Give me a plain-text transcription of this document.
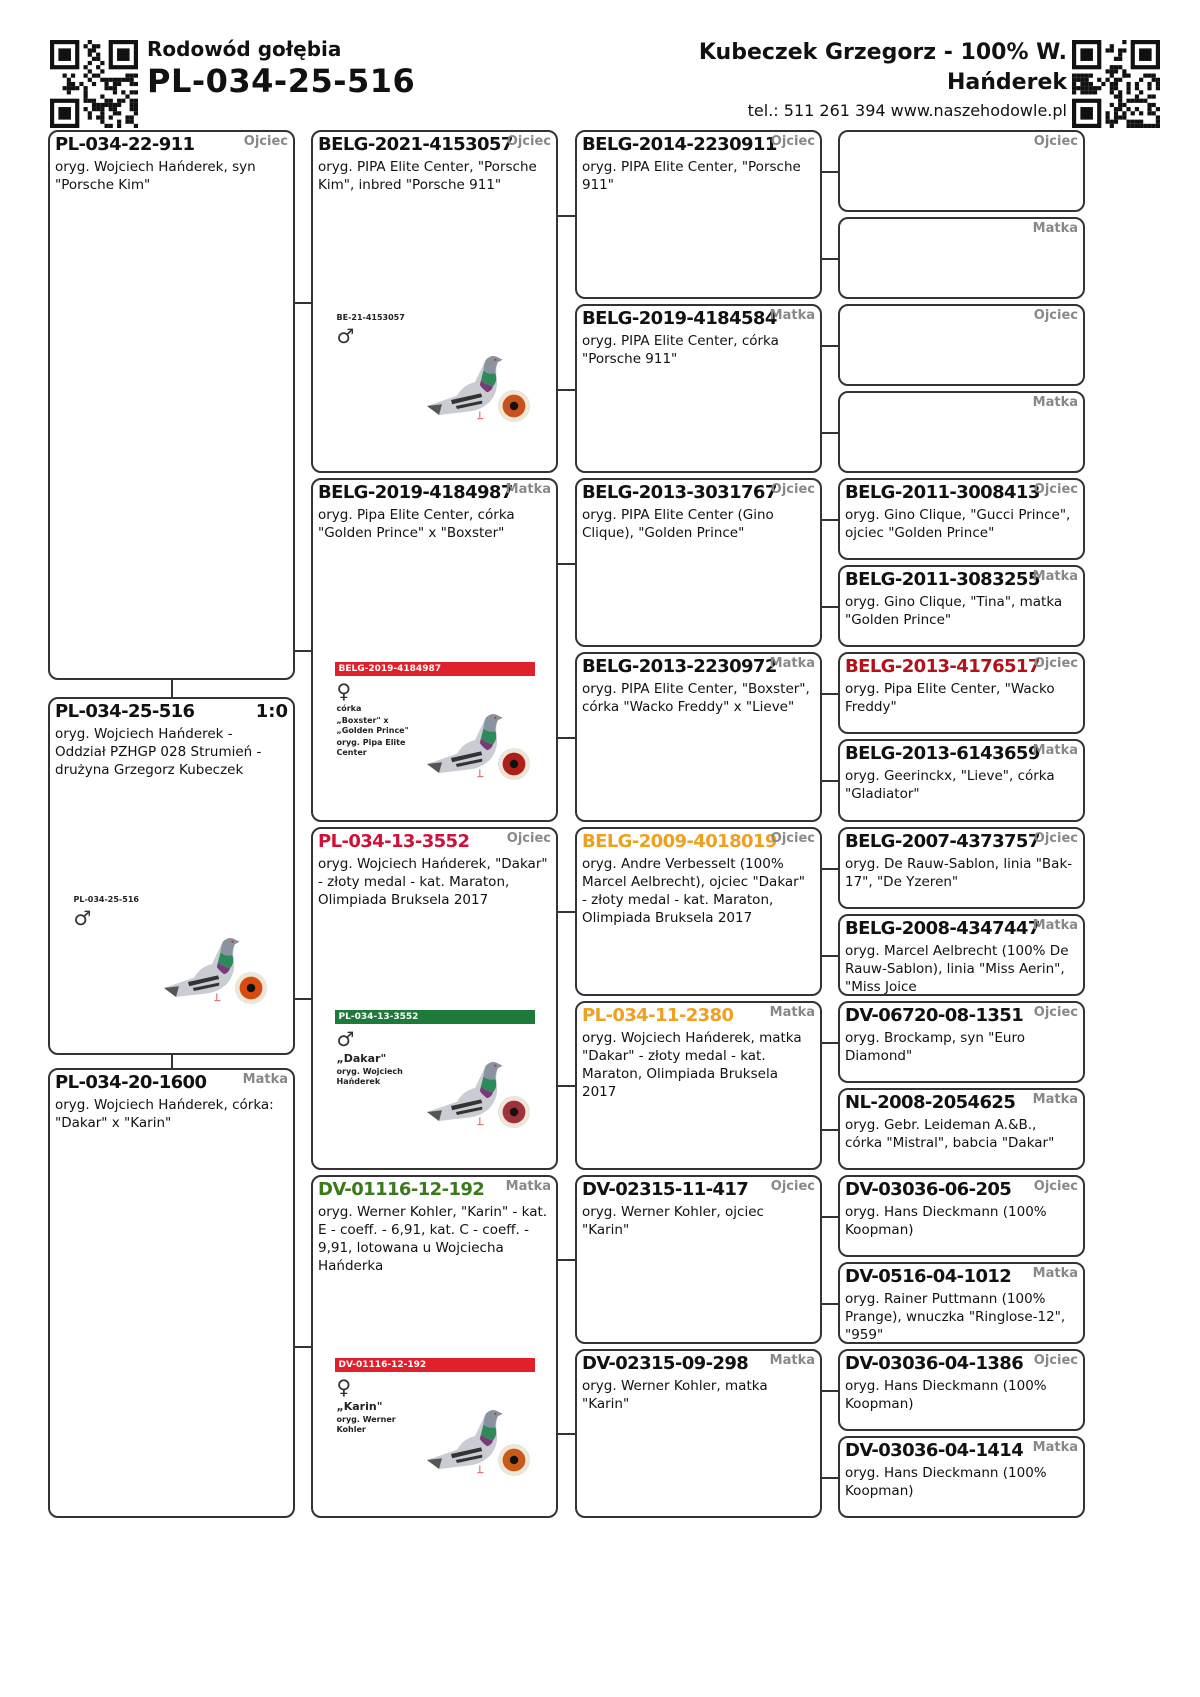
Rodowód gołębia
PL-034-25-516
Kubeczek Grzegorz - 100% W. Hańderek
tel.: 511 261 394 www.naszehodowle.pl

Ojciec

Matka

Ojciec

Matka
BELG-2011-3008413
Ojciec
oryg. Gino Clique, "Gucci Prince", ojciec "Golden Prince"
BELG-2011-3083255
Matka
oryg. Gino Clique, "Tina", matka "Golden Prince"
BELG-2013-4176517
Ojciec
oryg. Pipa Elite Center, "Wacko Freddy"
BELG-2013-6143659
Matka
oryg. Geerinckx, "Lieve", córka "Gladiator"
BELG-2007-4373757
Ojciec
oryg. De Rauw-Sablon, linia "Bak-17", "De Yzeren"
BELG-2008-4347447
Matka
oryg. Marcel Aelbrecht (100% De Rauw-Sablon), linia "Miss Aerin", "Miss Joice
DV-06720-08-1351 Ojciec
oryg. Brockamp, syn "Euro Diamond"
NL-2008-2054625 Matka
oryg. Gebr. Leideman A.&B., córka "Mistral", babcia "Dakar"
DV-03036-06-205 Ojciec
oryg. Hans Dieckmann (100% Koopman)
DV-0516-04-1012 Matka
oryg. Rainer Puttmann (100% Prange), wnuczka "Ringlose-12", "959"
DV-03036-04-1386 Ojciec
oryg. Hans Dieckmann (100% Koopman)
DV-03036-04-1414 Matka
oryg. Hans Dieckmann (100% Koopman)
BELG-2014-2230911
Ojciec
oryg. PIPA Elite Center, "Porsche 911"
BELG-2019-4184584
Matka
oryg. PIPA Elite Center, córka "Porsche 911"
BELG-2013-3031767
Ojciec
oryg. PIPA Elite Center (Gino Clique), "Golden Prince"
BELG-2013-2230972
Matka
oryg. PIPA Elite Center, "Boxster", córka "Wacko Freddy" x "Lieve"
BELG-2009-4018019
Ojciec
oryg. Andre Verbesselt (100% Marcel Aelbrecht), ojciec "Dakar" - złoty medal - kat. Maraton, Olimpiada Bruksela 2017
PL-034-11-2380	Matka
oryg. Wojciech Hańderek, matka "Dakar" - złoty medal - kat. Maraton, Olimpiada Bruksela 2017
DV-02315-11-417 Ojciec
oryg. Werner Kohler, ojciec "Karin"
DV-02315-09-298 Matka
oryg. Werner Kohler, matka "Karin"
BELG-2021-4153057
Ojciec
oryg. PIPA Elite Center, "Porsche Kim", inbred "Porsche 911"
BE-21-4153057
♂
BELG-2019-4184987
Matka
oryg. Pipa Elite Center, córka "Golden Prince" x "Boxster"
BELG-2019-4184987
♀
córka
„Boxster" x „Golden Prince"
oryg. Pipa Elite Center
PL-034-13-3552	Ojciec
oryg. Wojciech Hańderek, "Dakar" - złoty medal - kat. Maraton, Olimpiada Bruksela 2017
PL-034-13-3552
♂
„Dakar"
oryg. Wojciech Hańderek
DV-01116-12-192 Matka
oryg. Werner Kohler, "Karin" - kat. E - coeff. - 6,91, kat. C - coeff. - 9,91, lotowana u Wojciecha Hańderka
DV-01116-12-192
♀
„Karin"
oryg. Werner Kohler
PL-034-22-911	Ojciec
oryg. Wojciech Hańderek, syn "Porsche Kim"
PL-034-20-1600	Matka
oryg. Wojciech Hańderek, córka: "Dakar" x "Karin"
PL-034-25-516	1:0
oryg. Wojciech Hańderek - Oddział PZHGP 028 Strumień - drużyna Grzegorz Kubeczek
PL-034-25-516
♂
